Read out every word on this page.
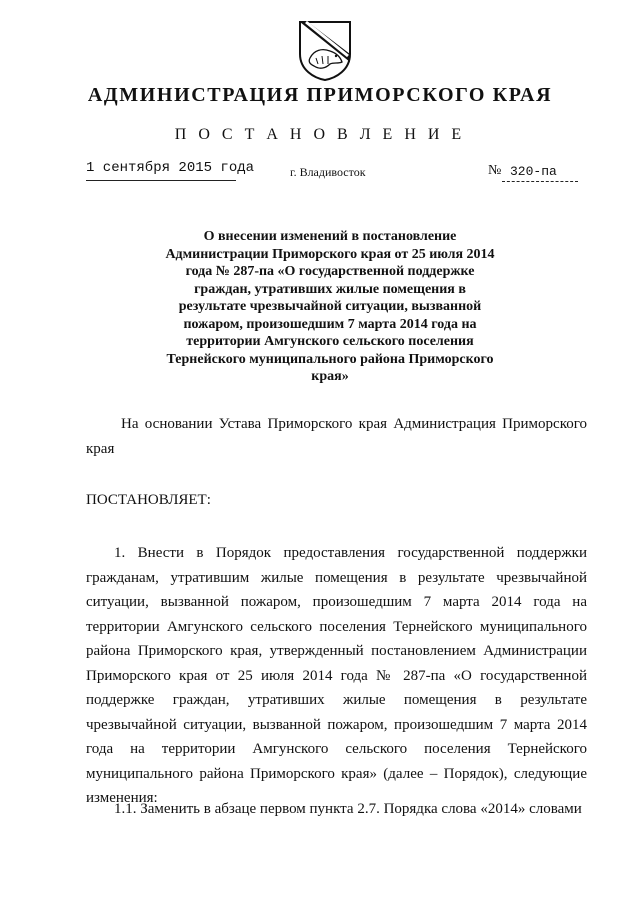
АДМИНИСТРАЦИЯ ПРИМОРСКОГО КРАЯ
П О С Т А Н О В Л Е Н И Е
1 сентября 2015 года	г. Владивосток	№ 320-па
О внесении изменений в постановление Администрации Приморского края от 25 июля 2014 года № 287-па «О государственной поддержке граждан, утративших жилые помещения в результате чрезвычайной ситуации, вызванной пожаром, произошедшим 7 марта 2014 года на территории Амгунского сельского поселения Тернейского муниципального района Приморского края»
На основании Устава Приморского края Администрация Приморского края
ПОСТАНОВЛЯЕТ:
1. Внести в Порядок предоставления государственной поддержки гражданам, утратившим жилые помещения в результате чрезвычайной ситуации, вызванной пожаром, произошедшим 7 марта 2014 года на территории Амгунского сельского поселения Тернейского муниципального района Приморского края, утвержденный постановлением Администрации Приморского края от 25 июля 2014 года № 287-па «О государственной поддержке граждан, утративших жилые помещения в результате чрезвычайной ситуации, вызванной пожаром, произошедшим 7 марта 2014 года на территории Амгунского сельского поселения Тернейского муниципального района Приморского края» (далее – Порядок), следующие изменения:
1.1. Заменить в абзаце первом пункта 2.7. Порядка слова «2014» словами
